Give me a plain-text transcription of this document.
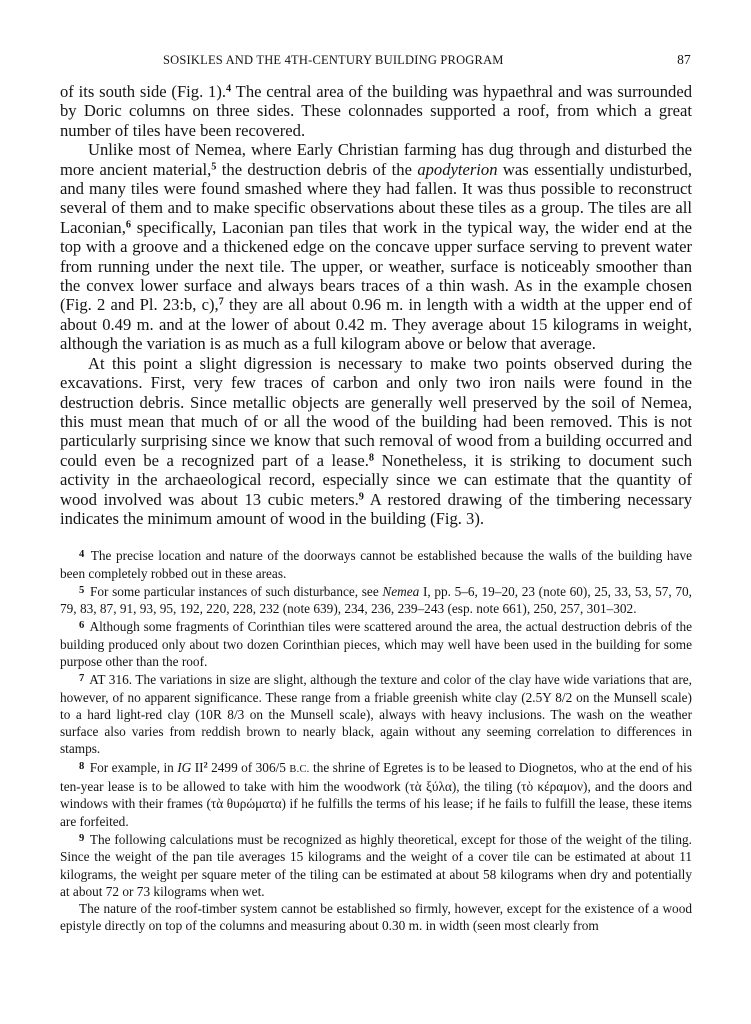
SOSIKLES AND THE 4TH-CENTURY BUILDING PROGRAM	87

of its south side (Fig. 1).$^4$ The central area of the building was hypaethral and was surrounded by Doric columns on three sides. These colonnades supported a roof, from which a great number of tiles have been recovered.

Unlike most of Nemea, where Early Christian farming has dug through and disturbed the more ancient material,$^5$ the destruction debris of the apodyterion was essentially undisturbed, and many tiles were found smashed where they had fallen. It was thus possible to reconstruct several of them and to make specific observations about these tiles as a group. The tiles are all Laconian,$^6$ specifically, Laconian pan tiles that work in the typical way, the wider end at the top with a groove and a thickened edge on the concave upper surface serving to prevent water from running under the next tile. The upper, or weather, surface is noticeably smoother than the convex lower surface and always bears traces of a thin wash. As in the example chosen (Fig. 2 and Pl. 23:b, c),$^7$ they are all about 0.96 m. in length with a width at the upper end of about 0.49 m. and at the lower of about 0.42 m. They average about 15 kilograms in weight, although the variation is as much as a full kilogram above or below that average.

At this point a slight digression is necessary to make two points observed during the excavations. First, very few traces of carbon and only two iron nails were found in the destruction debris. Since metallic objects are generally well preserved by the soil of Nemea, this must mean that much of or all the wood of the building had been removed. This is not particularly surprising since we know that such removal of wood from a building occurred and could even be a recognized part of a lease.$^8$ Nonetheless, it is striking to document such activity in the archaeological record, especially since we can estimate that the quantity of wood involved was about 13 cubic meters.$^9$ A restored drawing of the timbering necessary indicates the minimum amount of wood in the building (Fig. 3).

$^4$ The precise location and nature of the doorways cannot be established because the walls of the building have been completely robbed out in these areas.

$^5$ For some particular instances of such disturbance, see Nemea I, pp. 5–6, 19–20, 23 (note 60), 25, 33, 53, 57, 70, 79, 83, 87, 91, 93, 95, 192, 220, 228, 232 (note 639), 234, 236, 239–243 (esp. note 661), 250, 257, 301–302.

$^6$ Although some fragments of Corinthian tiles were scattered around the area, the actual destruction debris of the building produced only about two dozen Corinthian pieces, which may well have been used in the building for some purpose other than the roof.

$^7$ AT 316. The variations in size are slight, although the texture and color of the clay have wide variations that are, however, of no apparent significance. These range from a friable greenish white clay (2.5Y 8/2 on the Munsell scale) to a hard light-red clay (10R 8/3 on the Munsell scale), always with heavy inclusions. The wash on the weather surface also varies from reddish brown to nearly black, again without any seeming correlation to differences in stamps.

$^8$ For example, in IG $II^2$ 2499 of 306/5 B.C. the shrine of Egretes is to be leased to Diognetos, who at the end of his ten-year lease is to be allowed to take with him the woodwork (τὰ ξύλα), the tiling (τὸ κέραμον), and the doors and windows with their frames (τὰ θυρώματα) if he fulfills the terms of his lease; if he fails to fulfill the lease, these items are forfeited.

$^9$ The following calculations must be recognized as highly theoretical, except for those of the weight of the tiling. Since the weight of the pan tile averages 15 kilograms and the weight of a cover tile can be estimated at about 11 kilograms, the weight per square meter of the tiling can be estimated at about 58 kilograms when dry and potentially at about 72 or 73 kilograms when wet.

The nature of the roof-timber system cannot be established so firmly, however, except for the existence of a wood epistyle directly on top of the columns and measuring about 0.30 m. in width (seen most clearly from
